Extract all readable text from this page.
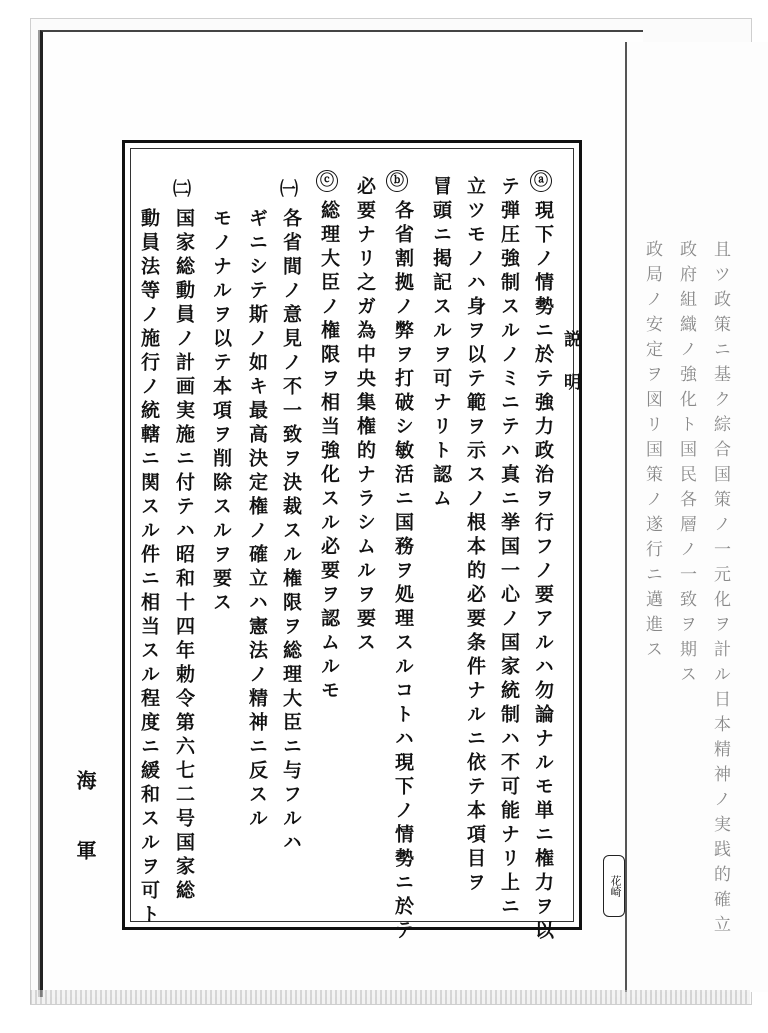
且ツ政策ニ基ク綜合国策ノ一元化ヲ計ル日本精神ノ実践的確立
政府組織ノ強化ト国民各層ノ一致ヲ期ス
政局ノ安定ヲ図リ国策ノ遂行ニ邁進ス
説明
ⓐ
ⓑ
ⓒ
㈠
㈡
現下ノ情勢ニ於テ強力政治ヲ行フノ要アルハ勿論ナルモ単ニ権力ヲ以
テ弾圧強制スルノミニテハ真ニ挙国一心ノ国家統制ハ不可能ナリ上ニ
立ツモノハ身ヲ以テ範ヲ示スノ根本的必要条件ナルニ依テ本項目ヲ
冒頭ニ掲記スルヲ可ナリト認ム
各省割拠ノ弊ヲ打破シ敏活ニ国務ヲ処理スルコトハ現下ノ情勢ニ於テ
必要ナリ之ガ為中央集権的ナラシムルヲ要ス
総理大臣ノ権限ヲ相当強化スル必要ヲ認ムルモ
各省間ノ意見ノ不一致ヲ決裁スル権限ヲ総理大臣ニ与フルハ
ギニシテ斯ノ如キ最高決定権ノ確立ハ憲法ノ精神ニ反スル
モノナルヲ以テ本項ヲ削除スルヲ要ス
国家総動員ノ計画実施ニ付テハ昭和十四年勅令第六七二号国家総
動員法等ノ施行ノ統轄ニ関スル件ニ相当スル程度ニ緩和スルヲ可ト
海軍	花崎
